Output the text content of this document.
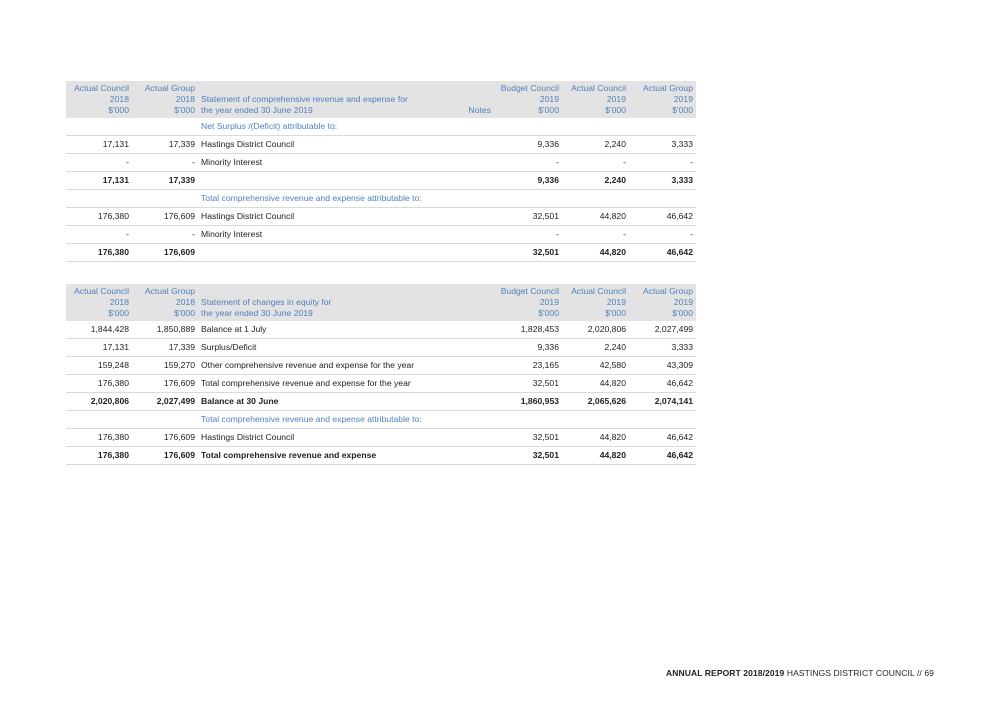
Actual Council
2018
$'000	Actual Group
2018
$'000	Statement of comprehensive revenue and expense for
the year ended 30 June 2019	Notes	Budget Council
2019
$'000	Actual Council
2019
$'000	Actual Group
2019
$'000
		Net Surplus /(Deficit) attributable to:				
17,131	17,339	Hastings District Council		9,336	2,240	3,333
-	-	Minority Interest		-	-	-
17,131	17,339			9,336	2,240	3,333
		Total comprehensive revenue and expense attributable to:				
176,380	176,609	Hastings District Council		32,501	44,820	46,642
-	-	Minority Interest		-	-	-
176,380	176,609			32,501	44,820	46,642
Actual Council
2018
$'000	Actual Group
2018
$'000	Statement of changes in equity for
the year ended 30 June 2019		Budget Council
2019
$'000	Actual Council
2019
$'000	Actual Group
2019
$'000
1,844,428	1,850,889	Balance at 1 July		1,828,453	2,020,806	2,027,499
17,131	17,339	Surplus/Deficit		9,336	2,240	3,333
159,248	159,270	Other comprehensive revenue and expense for the year		23,165	42,580	43,309
176,380	176,609	Total comprehensive revenue and expense for the year		32,501	44,820	46,642
2,020,806	2,027,499	Balance at 30 June		1,860,953	2,065,626	2,074,141
		Total comprehensive revenue and expense attributable to:				
176,380	176,609	Hastings District Council		32,501	44,820	46,642
176,380	176,609	Total comprehensive revenue and expense		32,501	44,820	46,642
ANNUAL REPORT 2018/2019 HASTINGS DISTRICT COUNCIL // 69
